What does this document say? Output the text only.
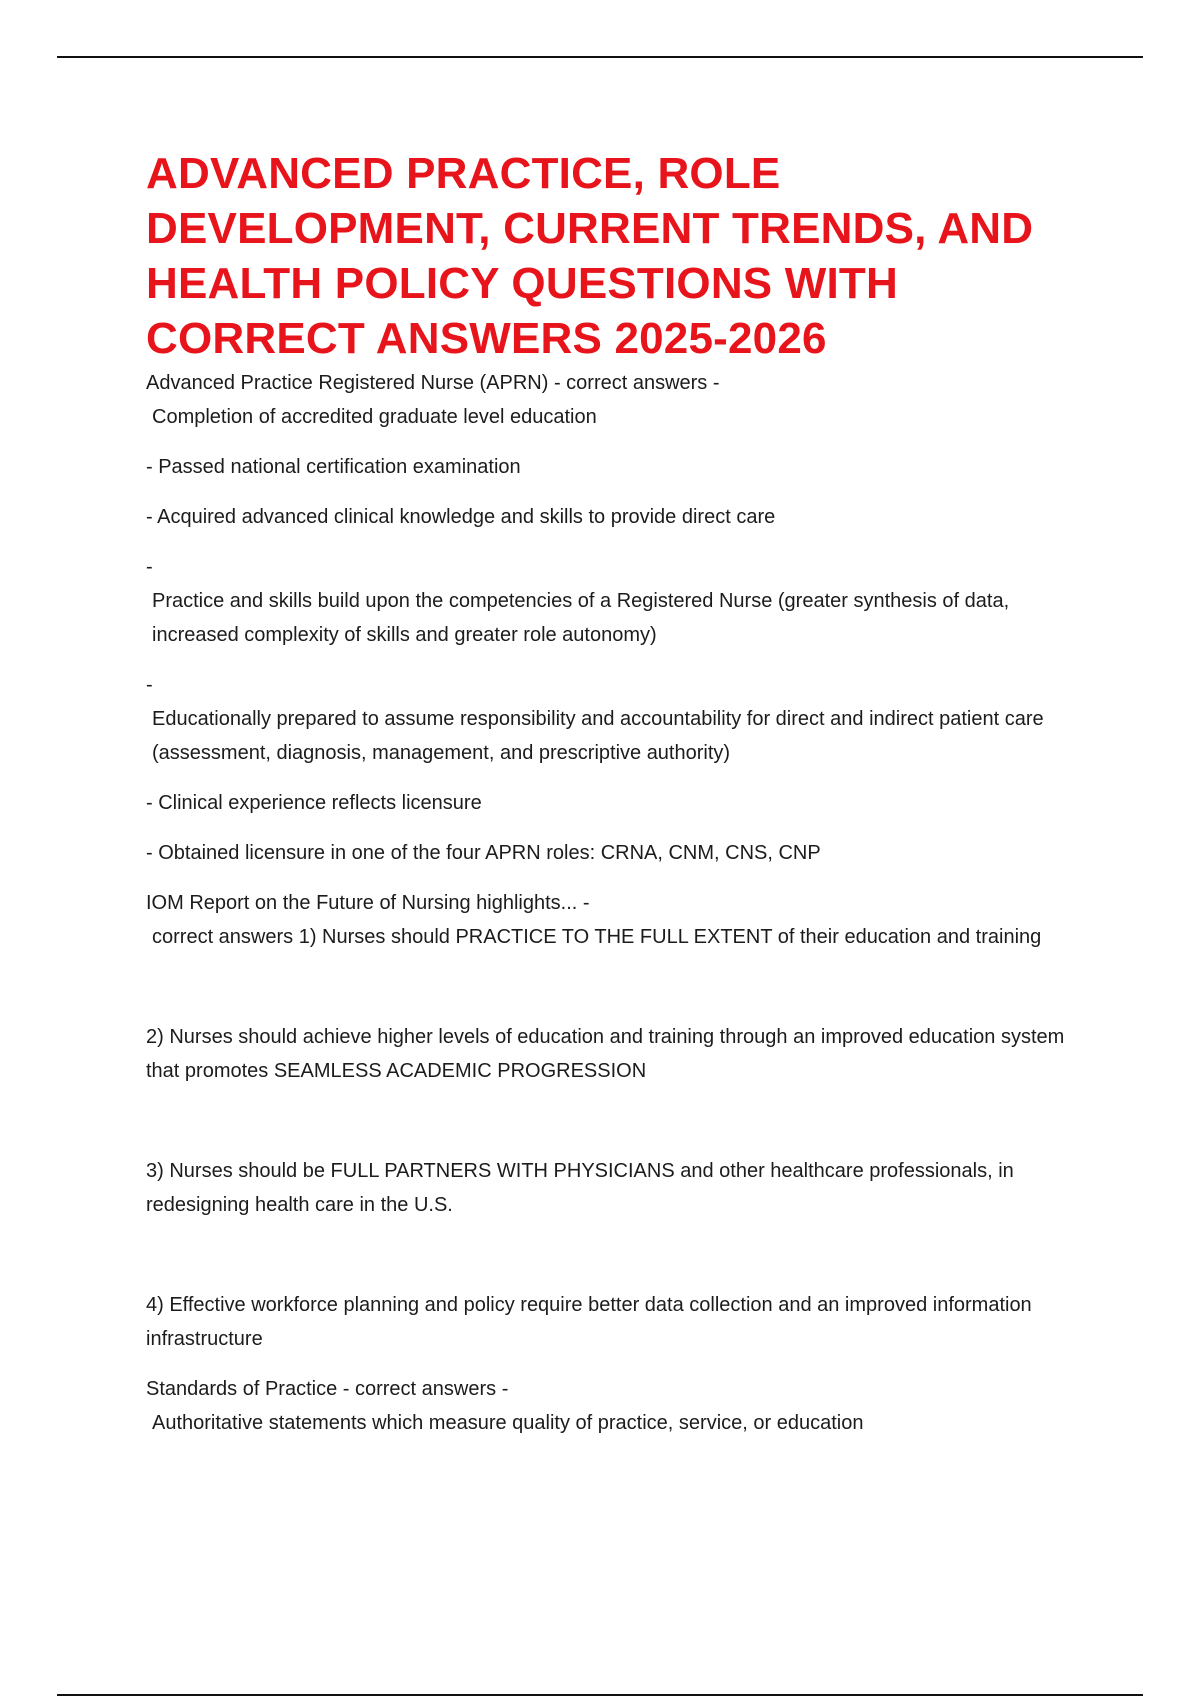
ADVANCED PRACTICE, ROLE DEVELOPMENT, CURRENT TRENDS, AND HEALTH POLICY QUESTIONS WITH CORRECT ANSWERS 2025-2026

Advanced Practice Registered Nurse (APRN) - correct answers -

Completion of accredited graduate level education

- Passed national certification examination

- Acquired advanced clinical knowledge and skills to provide direct care

-

Practice and skills build upon the competencies of a Registered Nurse (greater synthesis of data, increased complexity of skills and greater role autonomy)

-

Educationally prepared to assume responsibility and accountability for direct and indirect patient care (assessment, diagnosis, management, and prescriptive authority)

- Clinical experience reflects licensure

- Obtained licensure in one of the four APRN roles: CRNA, CNM, CNS, CNP

IOM Report on the Future of Nursing highlights... -

correct answers 1) Nurses should PRACTICE TO THE FULL EXTENT of their education and training

2) Nurses should achieve higher levels of education and training through an improved education system that promotes SEAMLESS ACADEMIC PROGRESSION

3) Nurses should be FULL PARTNERS WITH PHYSICIANS and other healthcare professionals, in redesigning health care in the U.S.

4) Effective workforce planning and policy require better data collection and an improved information infrastructure

Standards of Practice - correct answers -

Authoritative statements which measure quality of practice, service, or education
